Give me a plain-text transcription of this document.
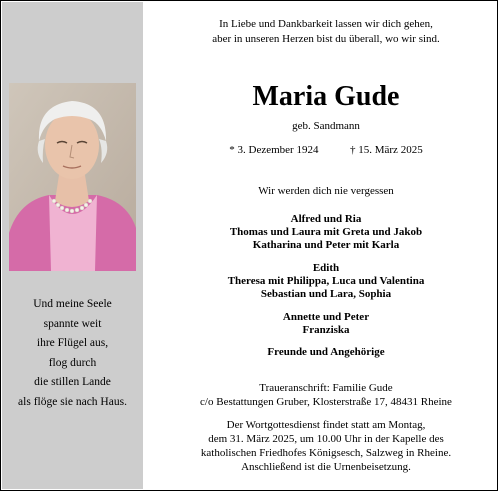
Und meine Seele
spannte weit
ihre Flügel aus,
flog durch
die stillen Lande
als flöge sie nach Haus.
In Liebe und Dankbarkeit lassen wir dich gehen,
aber in unseren Herzen bist du überall, wo wir sind.
Maria Gude
geb. Sandmann
* 3. Dezember 1924	† 15. März 2025
Wir werden dich nie vergessen
Alfred und Ria
Thomas und Laura mit Greta und Jakob
Katharina und Peter mit Karla
Edith
Theresa mit Philippa, Luca und Valentina
Sebastian und Lara, Sophia
Annette und Peter
Franziska
Freunde und Angehörige
Traueranschrift: Familie Gude
c/o Bestattungen Gruber, Klosterstraße 17, 48431 Rheine
Der Wortgottesdienst findet statt am Montag,
dem 31. März 2025, um 10.00 Uhr in der Kapelle des
katholischen Friedhofes Königsesch, Salzweg in Rheine.
Anschließend ist die Urnenbeisetzung.
